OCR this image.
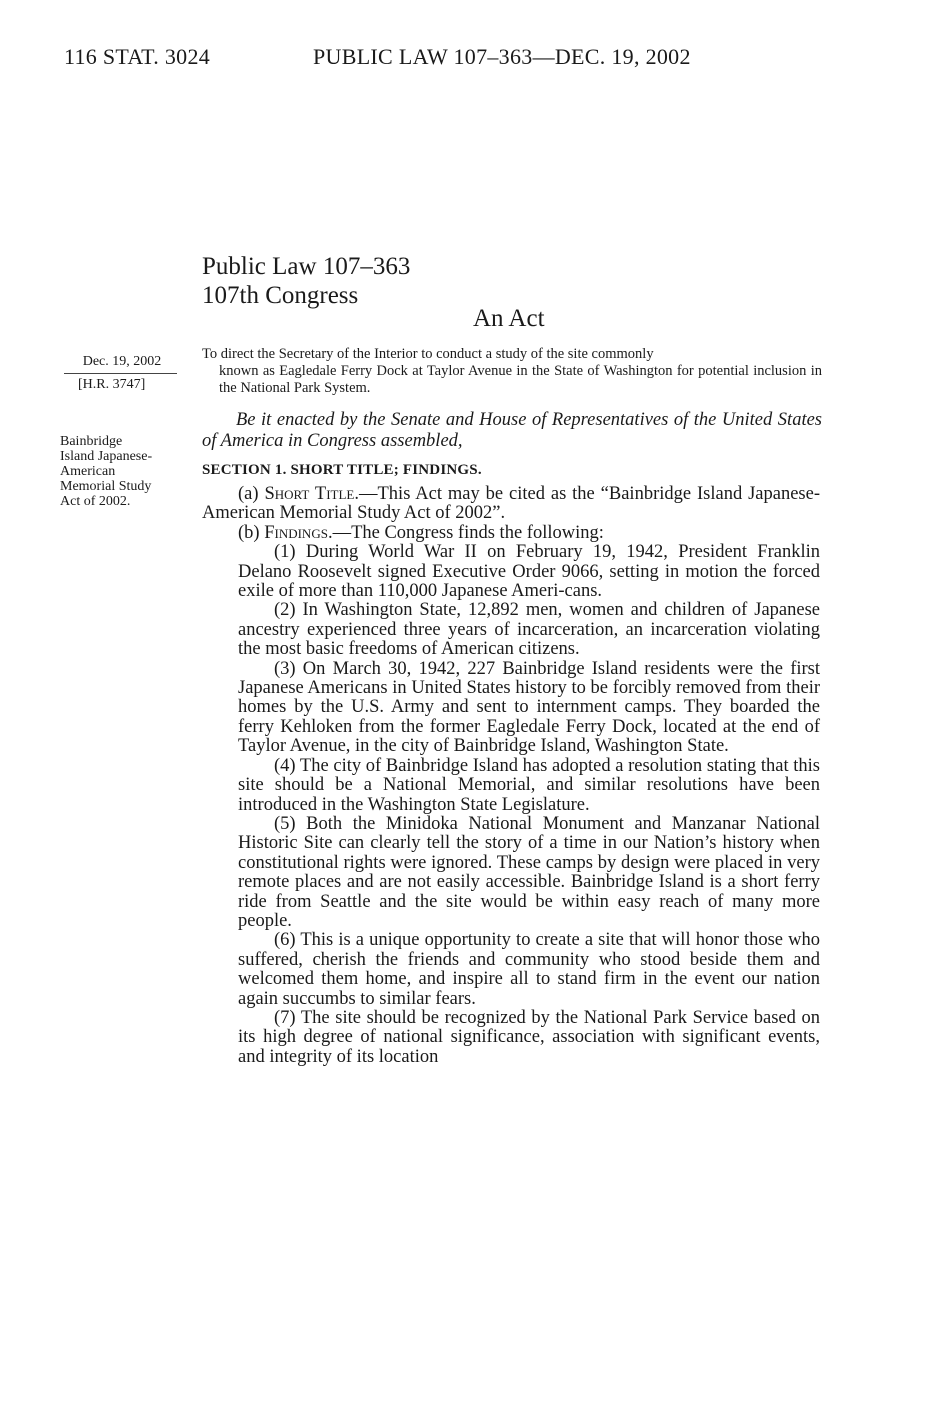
116 STAT. 3024	PUBLIC LAW 107–363—DEC. 19, 2002
Public Law 107–363
107th Congress
An Act
Dec. 19, 2002
[H.R. 3747]
Bainbridge
Island Japanese-
American
Memorial Study
Act of 2002.
To direct the Secretary of the Interior to conduct a study of the site commonly
known as Eagledale Ferry Dock at Taylor Avenue in the State of Washington for potential inclusion in the National Park System.
Be it enacted by the Senate and House of Representatives of the United States of America in Congress assembled,
SECTION 1. SHORT TITLE; FINDINGS.

(a) Short Title.—This Act may be cited as the “Bainbridge Island Japanese-American Memorial Study Act of 2002”.

(b) Findings.—The Congress finds the following:

(1) During World War II on February 19, 1942, President Franklin Delano Roosevelt signed Executive Order 9066, setting in motion the forced exile of more than 110,000 Japanese Ameri-cans.

(2) In Washington State, 12,892 men, women and children of Japanese ancestry experienced three years of incarceration, an incarceration violating the most basic freedoms of American citizens.

(3) On March 30, 1942, 227 Bainbridge Island residents were the first Japanese Americans in United States history to be forcibly removed from their homes by the U.S. Army and sent to internment camps. They boarded the ferry Kehloken from the former Eagledale Ferry Dock, located at the end of Taylor Avenue, in the city of Bainbridge Island, Washington State.

(4) The city of Bainbridge Island has adopted a resolution stating that this site should be a National Memorial, and similar resolutions have been introduced in the Washington State Legislature.

(5) Both the Minidoka National Monument and Manzanar National Historic Site can clearly tell the story of a time in our Nation’s history when constitutional rights were ignored. These camps by design were placed in very remote places and are not easily accessible. Bainbridge Island is a short ferry ride from Seattle and the site would be within easy reach of many more people.

(6) This is a unique opportunity to create a site that will honor those who suffered, cherish the friends and community who stood beside them and welcomed them home, and inspire all to stand firm in the event our nation again succumbs to similar fears.

(7) The site should be recognized by the National Park Service based on its high degree of national significance, association with significant events, and integrity of its location
